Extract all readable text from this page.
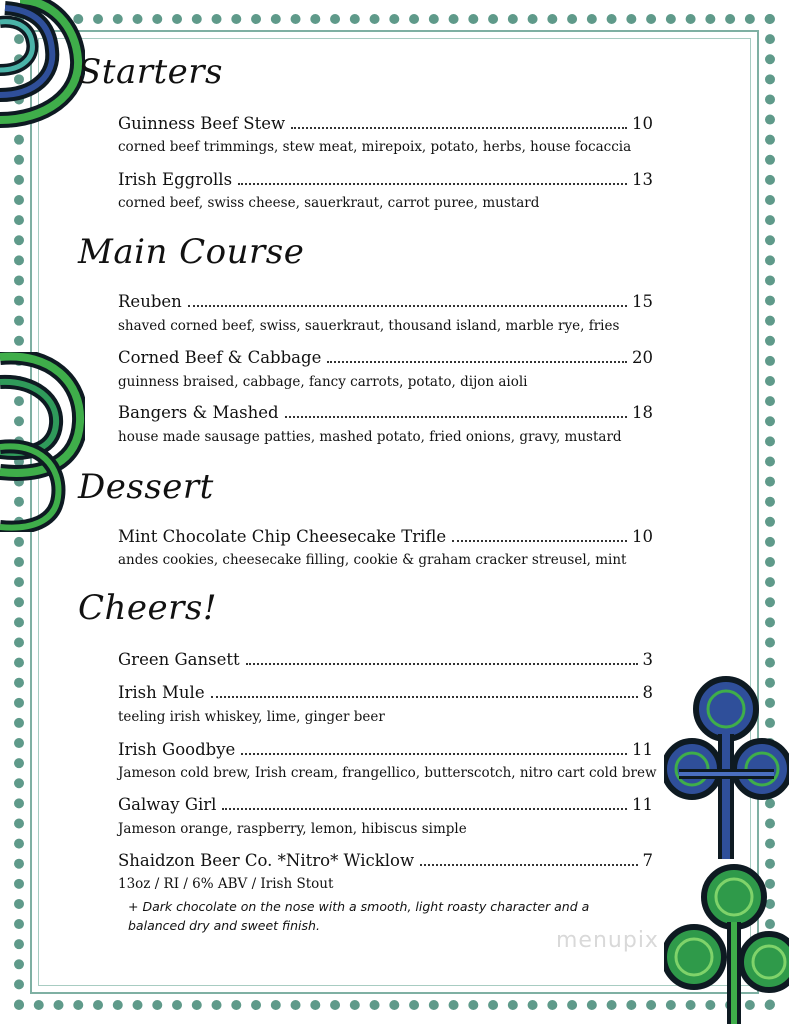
Starters
Guinness Beef Stew	10
corned beef trimmings, stew meat, mirepoix, potato, herbs, house focaccia
Irish Eggrolls	13
corned beef, swiss cheese, sauerkraut, carrot puree, mustard
Main Course
Reuben	15
shaved corned beef, swiss, sauerkraut, thousand island, marble rye, fries
Corned Beef & Cabbage	20
guinness braised, cabbage, fancy carrots, potato, dijon aioli
Bangers & Mashed	18
house made sausage patties, mashed potato, fried onions, gravy, mustard
Dessert
Mint Chocolate Chip Cheesecake Trifle	10
andes cookies, cheesecake filling, cookie & graham cracker streusel, mint
Cheers!
Green Gansett	3
Irish Mule	8
teeling irish whiskey, lime, ginger beer
Irish Goodbye	11
Jameson cold brew, Irish cream, frangellico, butterscotch, nitro cart cold brew
Galway Girl	11
Jameson orange, raspberry, lemon, hibiscus simple
Shaidzon Beer Co. *Nitro* Wicklow	7
13oz / RI / 6% ABV / Irish Stout
+ Dark chocolate on the nose with a smooth, light roasty character and a balanced dry and sweet finish.
menupix
